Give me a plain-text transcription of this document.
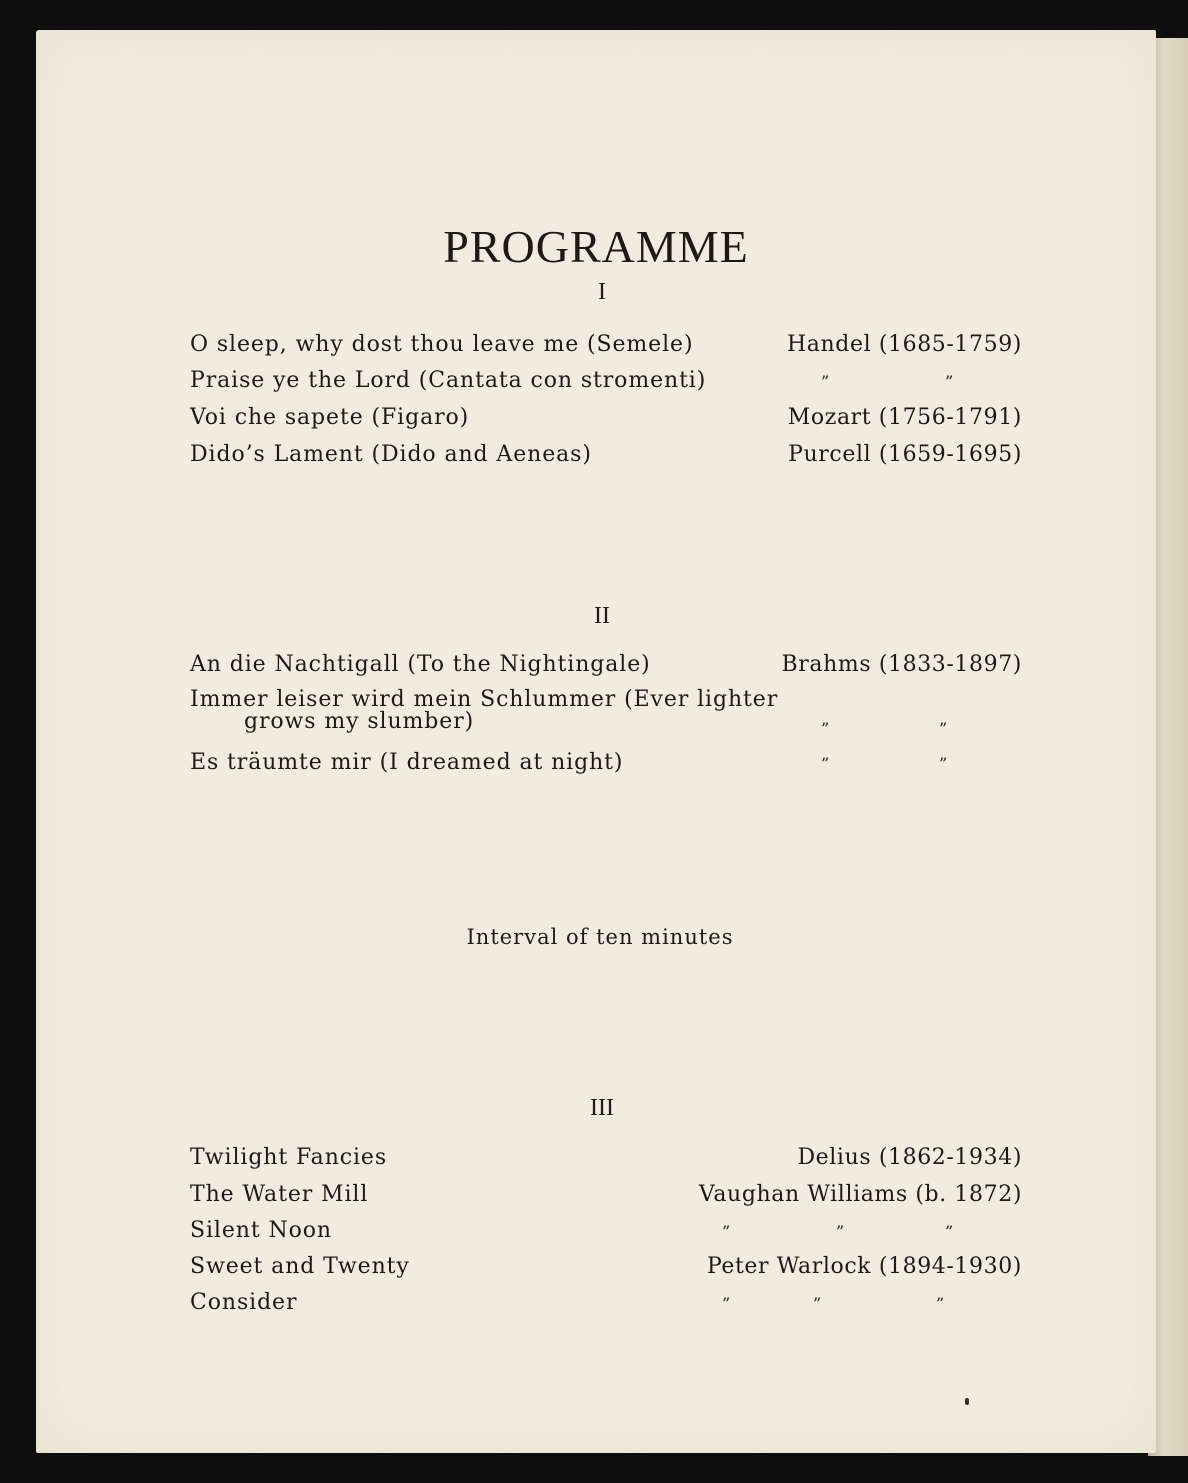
PROGRAMME
I
O sleep, why dost thou leave me (Semele)	Handel (1685-1759)
Praise ye the Lord (Cantata con stromenti)	”	”
Voi che sapete (Figaro)	Mozart (1756-1791)
Dido’s Lament (Dido and Aeneas)	Purcell (1659-1695)
II
An die Nachtigall (To the Nightingale)	Brahms (1833-1897)
Immer leiser wird mein Schlummer (Ever lighter
grows my slumber)	”	”
Es träumte mir (I dreamed at night)	”	”
Interval of ten minutes
III
Twilight Fancies	Delius (1862-1934)
The Water Mill	Vaughan Williams (b. 1872)
Silent Noon	”	”	”
Sweet and Twenty	Peter Warlock (1894-1930)
Consider	”	”	”
